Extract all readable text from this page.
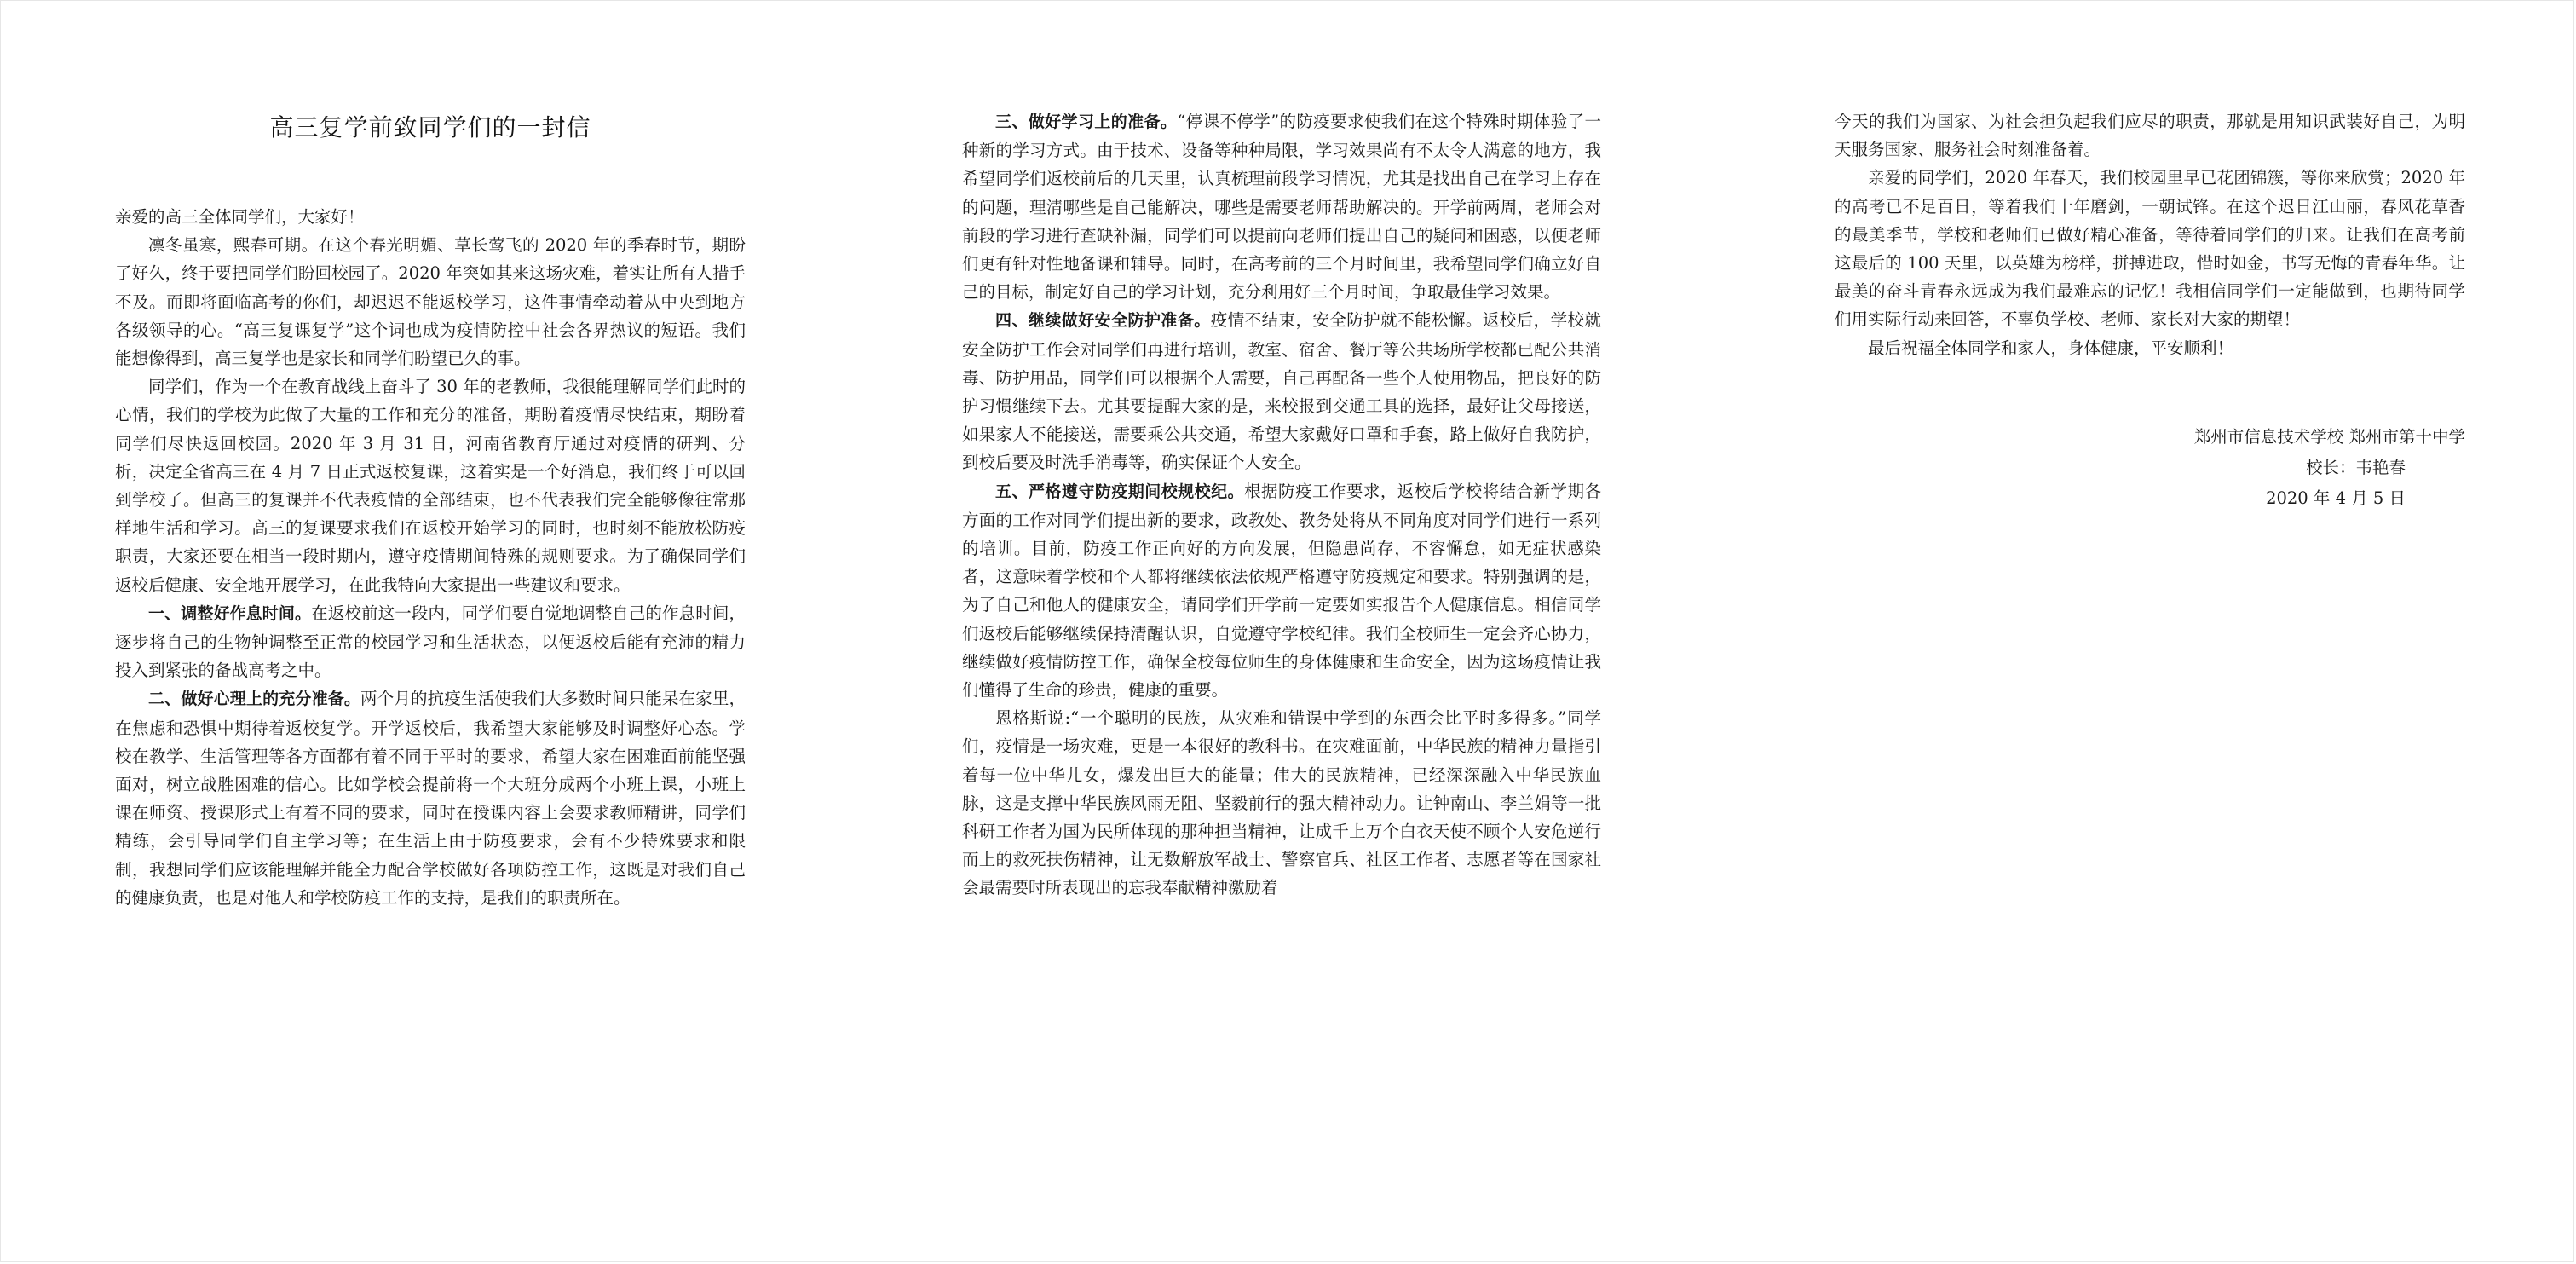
高三复学前致同学们的一封信

亲爱的高三全体同学们，大家好！

凛冬虽寒，熙春可期。在这个春光明媚、草长莺飞的 2020 年的季春时节，期盼了好久，终于要把同学们盼回校园了。2020 年突如其来这场灾难，着实让所有人措手不及。而即将面临高考的你们，却迟迟不能返校学习，这件事情牵动着从中央到地方各级领导的心。“高三复课复学”这个词也成为疫情防控中社会各界热议的短语。我们能想像得到，高三复学也是家长和同学们盼望已久的事。

同学们，作为一个在教育战线上奋斗了 30 年的老教师，我很能理解同学们此时的心情，我们的学校为此做了大量的工作和充分的准备，期盼着疫情尽快结束，期盼着同学们尽快返回校园。2020 年 3 月 31 日，河南省教育厅通过对疫情的研判、分析，决定全省高三在 4 月 7 日正式返校复课，这着实是一个好消息，我们终于可以回到学校了。但高三的复课并不代表疫情的全部结束，也不代表我们完全能够像往常那样地生活和学习。高三的复课要求我们在返校开始学习的同时，也时刻不能放松防疫职责，大家还要在相当一段时期内，遵守疫情期间特殊的规则要求。为了确保同学们返校后健康、安全地开展学习，在此我特向大家提出一些建议和要求。

一、调整好作息时间。在返校前这一段内，同学们要自觉地调整自己的作息时间，逐步将自己的生物钟调整至正常的校园学习和生活状态，以便返校后能有充沛的精力投入到紧张的备战高考之中。

二、做好心理上的充分准备。两个月的抗疫生活使我们大多数时间只能呆在家里，在焦虑和恐惧中期待着返校复学。开学返校后，我希望大家能够及时调整好心态。学校在教学、生活管理等各方面都有着不同于平时的要求，希望大家在困难面前能坚强面对，树立战胜困难的信心。比如学校会提前将一个大班分成两个小班上课，小班上课在师资、授课形式上有着不同的要求，同时在授课内容上会要求教师精讲，同学们精练，会引导同学们自主学习等；在生活上由于防疫要求，会有不少特殊要求和限制，我想同学们应该能理解并能全力配合学校做好各项防控工作，这既是对我们自己的健康负责，也是对他人和学校防疫工作的支持，是我们的职责所在。

三、做好学习上的准备。“停课不停学”的防疫要求使我们在这个特殊时期体验了一种新的学习方式。由于技术、设备等种种局限，学习效果尚有不太令人满意的地方，我希望同学们返校前后的几天里，认真梳理前段学习情况，尤其是找出自己在学习上存在的问题，理清哪些是自己能解决，哪些是需要老师帮助解决的。开学前两周，老师会对前段的学习进行查缺补漏，同学们可以提前向老师们提出自己的疑问和困惑，以便老师们更有针对性地备课和辅导。同时，在高考前的三个月时间里，我希望同学们确立好自己的目标，制定好自己的学习计划，充分利用好三个月时间，争取最佳学习效果。

四、继续做好安全防护准备。疫情不结束，安全防护就不能松懈。返校后，学校就安全防护工作会对同学们再进行培训，教室、宿舍、餐厅等公共场所学校都已配公共消毒、防护用品，同学们可以根据个人需要，自己再配备一些个人使用物品，把良好的防护习惯继续下去。尤其要提醒大家的是，来校报到交通工具的选择，最好让父母接送，如果家人不能接送，需要乘公共交通，希望大家戴好口罩和手套，路上做好自我防护，到校后要及时洗手消毒等，确实保证个人安全。

五、严格遵守防疫期间校规校纪。根据防疫工作要求，返校后学校将结合新学期各方面的工作对同学们提出新的要求，政教处、教务处将从不同角度对同学们进行一系列的培训。目前，防疫工作正向好的方向发展，但隐患尚存，不容懈怠，如无症状感染者，这意味着学校和个人都将继续依法依规严格遵守防疫规定和要求。特别强调的是，为了自己和他人的健康安全，请同学们开学前一定要如实报告个人健康信息。相信同学们返校后能够继续保持清醒认识，自觉遵守学校纪律。我们全校师生一定会齐心协力，继续做好疫情防控工作，确保全校每位师生的身体健康和生命安全，因为这场疫情让我们懂得了生命的珍贵，健康的重要。

恩格斯说:“一个聪明的民族，从灾难和错误中学到的东西会比平时多得多。”同学们，疫情是一场灾难，更是一本很好的教科书。在灾难面前，中华民族的精神力量指引着每一位中华儿女，爆发出巨大的能量；伟大的民族精神，已经深深融入中华民族血脉，这是支撑中华民族风雨无阻、坚毅前行的强大精神动力。让钟南山、李兰娟等一批科研工作者为国为民所体现的那种担当精神，让成千上万个白衣天使不顾个人安危逆行而上的救死扶伤精神，让无数解放军战士、警察官兵、社区工作者、志愿者等在国家社会最需要时所表现出的忘我奉献精神激励着

今天的我们为国家、为社会担负起我们应尽的职责，那就是用知识武装好自己，为明天服务国家、服务社会时刻准备着。

亲爱的同学们，2020 年春天，我们校园里早已花团锦簇，等你来欣赏；2020 年的高考已不足百日，等着我们十年磨剑，一朝试锋。在这个迟日江山丽，春风花草香的最美季节，学校和老师们已做好精心准备，等待着同学们的归来。让我们在高考前这最后的 100 天里，以英雄为榜样，拼搏进取，惜时如金，书写无悔的青春年华。让最美的奋斗青春永远成为我们最难忘的记忆！我相信同学们一定能做到，也期待同学们用实际行动来回答，不辜负学校、老师、家长对大家的期望！

最后祝福全体同学和家人，身体健康，平安顺利！

郑州市信息技术学校 郑州市第十中学
校长：韦艳春
2020 年 4 月 5 日
